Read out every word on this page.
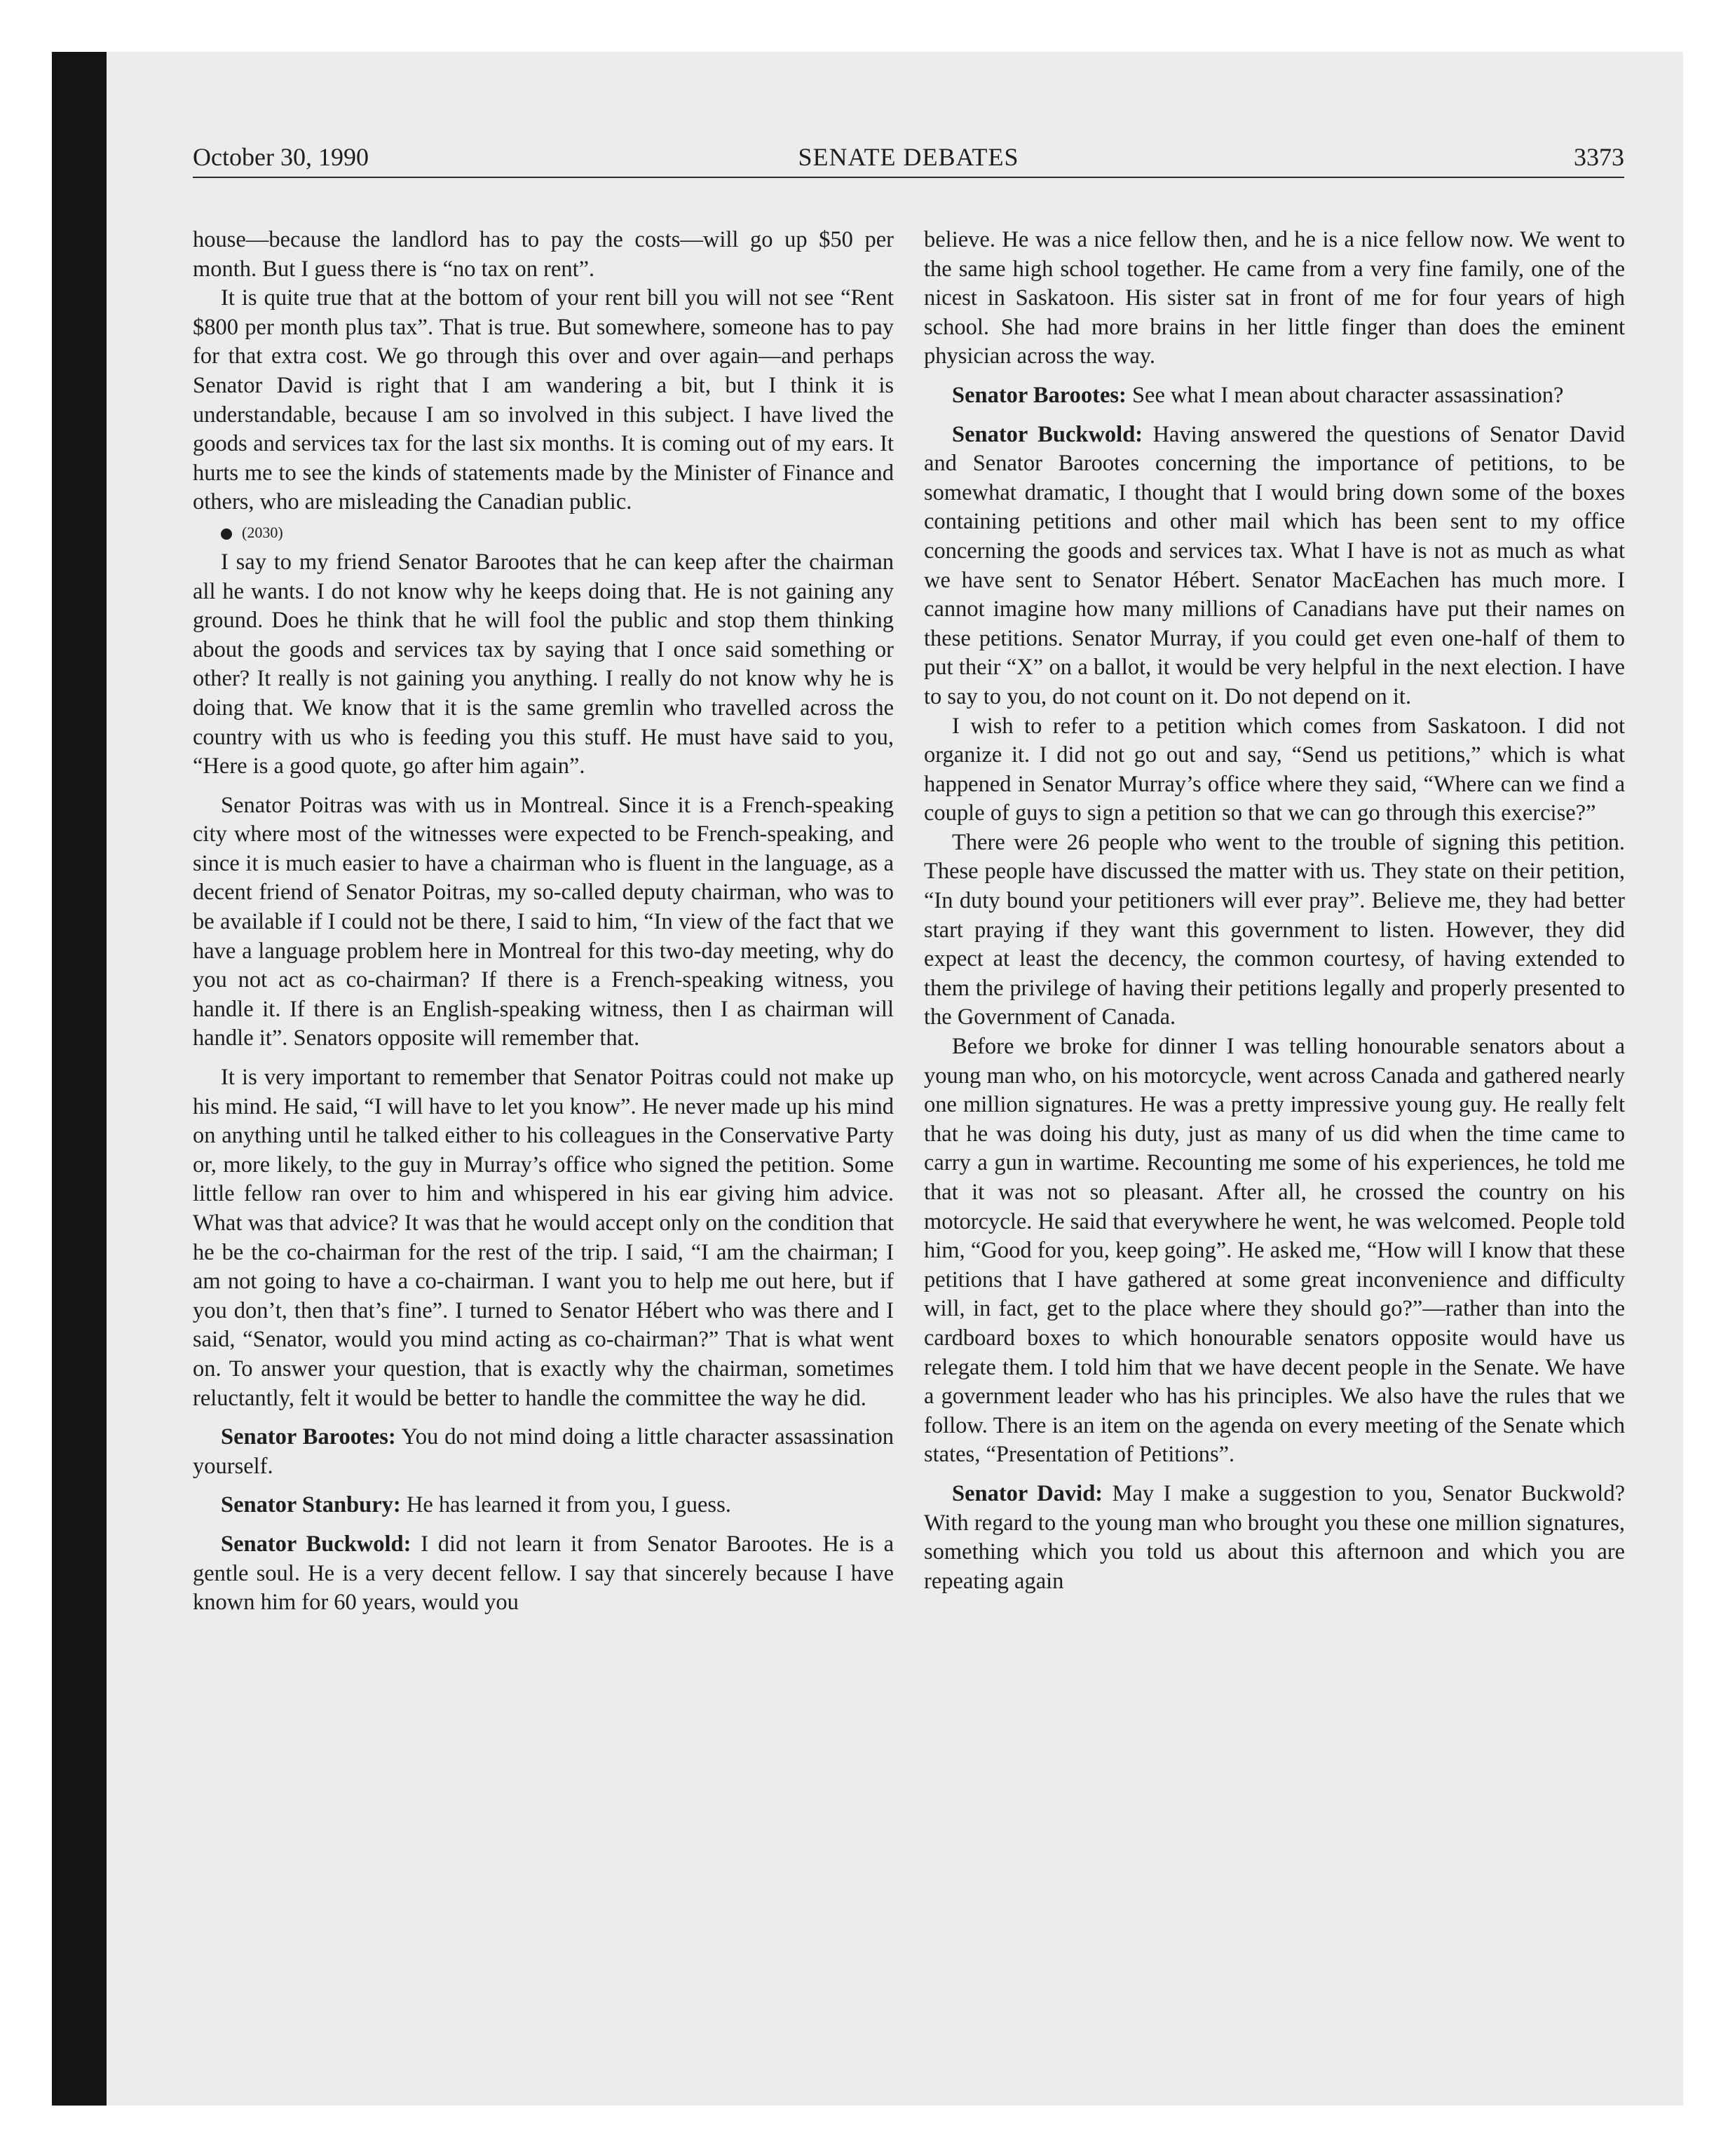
October 30, 1990	SENATE DEBATES	3373

house—because the landlord has to pay the costs—will go up $50 per month. But I guess there is “no tax on rent”.

It is quite true that at the bottom of your rent bill you will not see “Rent $800 per month plus tax”. That is true. But somewhere, someone has to pay for that extra cost. We go through this over and over again—and perhaps Senator David is right that I am wandering a bit, but I think it is understandable, because I am so involved in this subject. I have lived the goods and services tax for the last six months. It is coming out of my ears. It hurts me to see the kinds of statements made by the Minister of Finance and others, who are misleading the Canadian public.

(2030)

I say to my friend Senator Barootes that he can keep after the chairman all he wants. I do not know why he keeps doing that. He is not gaining any ground. Does he think that he will fool the public and stop them thinking about the goods and services tax by saying that I once said something or other? It really is not gaining you anything. I really do not know why he is doing that. We know that it is the same gremlin who travelled across the country with us who is feeding you this stuff. He must have said to you, “Here is a good quote, go after him again”.

Senator Poitras was with us in Montreal. Since it is a French-speaking city where most of the witnesses were expected to be French-speaking, and since it is much easier to have a chairman who is fluent in the language, as a decent friend of Senator Poitras, my so-called deputy chairman, who was to be available if I could not be there, I said to him, “In view of the fact that we have a language problem here in Montreal for this two-day meeting, why do you not act as co-chairman? If there is a French-speaking witness, you handle it. If there is an English-speaking witness, then I as chairman will handle it”. Senators opposite will remember that.

It is very important to remember that Senator Poitras could not make up his mind. He said, “I will have to let you know”. He never made up his mind on anything until he talked either to his colleagues in the Conservative Party or, more likely, to the guy in Murray’s office who signed the petition. Some little fellow ran over to him and whispered in his ear giving him advice. What was that advice? It was that he would accept only on the condition that he be the co-chairman for the rest of the trip. I said, “I am the chairman; I am not going to have a co-chairman. I want you to help me out here, but if you don’t, then that’s fine”. I turned to Senator Hébert who was there and I said, “Senator, would you mind acting as co-chairman?” That is what went on. To answer your question, that is exactly why the chairman, sometimes reluctantly, felt it would be better to handle the committee the way he did.

Senator Barootes: You do not mind doing a little character assassination yourself.

Senator Stanbury: He has learned it from you, I guess.

Senator Buckwold: I did not learn it from Senator Barootes. He is a gentle soul. He is a very decent fellow. I say that sincerely because I have known him for 60 years, would you

believe. He was a nice fellow then, and he is a nice fellow now. We went to the same high school together. He came from a very fine family, one of the nicest in Saskatoon. His sister sat in front of me for four years of high school. She had more brains in her little finger than does the eminent physician across the way.

Senator Barootes: See what I mean about character assassination?

Senator Buckwold: Having answered the questions of Senator David and Senator Barootes concerning the importance of petitions, to be somewhat dramatic, I thought that I would bring down some of the boxes containing petitions and other mail which has been sent to my office concerning the goods and services tax. What I have is not as much as what we have sent to Senator Hébert. Senator MacEachen has much more. I cannot imagine how many millions of Canadians have put their names on these petitions. Senator Murray, if you could get even one-half of them to put their “X” on a ballot, it would be very helpful in the next election. I have to say to you, do not count on it. Do not depend on it.

I wish to refer to a petition which comes from Saskatoon. I did not organize it. I did not go out and say, “Send us petitions,” which is what happened in Senator Murray’s office where they said, “Where can we find a couple of guys to sign a petition so that we can go through this exercise?”

There were 26 people who went to the trouble of signing this petition. These people have discussed the matter with us. They state on their petition, “In duty bound your petitioners will ever pray”. Believe me, they had better start praying if they want this government to listen. However, they did expect at least the decency, the common courtesy, of having extended to them the privilege of having their petitions legally and properly presented to the Government of Canada.

Before we broke for dinner I was telling honourable senators about a young man who, on his motorcycle, went across Canada and gathered nearly one million signatures. He was a pretty impressive young guy. He really felt that he was doing his duty, just as many of us did when the time came to carry a gun in wartime. Recounting me some of his experiences, he told me that it was not so pleasant. After all, he crossed the country on his motorcycle. He said that everywhere he went, he was welcomed. People told him, “Good for you, keep going”. He asked me, “How will I know that these petitions that I have gathered at some great inconvenience and difficulty will, in fact, get to the place where they should go?”—rather than into the cardboard boxes to which honourable senators opposite would have us relegate them. I told him that we have decent people in the Senate. We have a government leader who has his principles. We also have the rules that we follow. There is an item on the agenda on every meeting of the Senate which states, “Presentation of Petitions”.

Senator David: May I make a suggestion to you, Senator Buckwold? With regard to the young man who brought you these one million signatures, something which you told us about this afternoon and which you are repeating again
